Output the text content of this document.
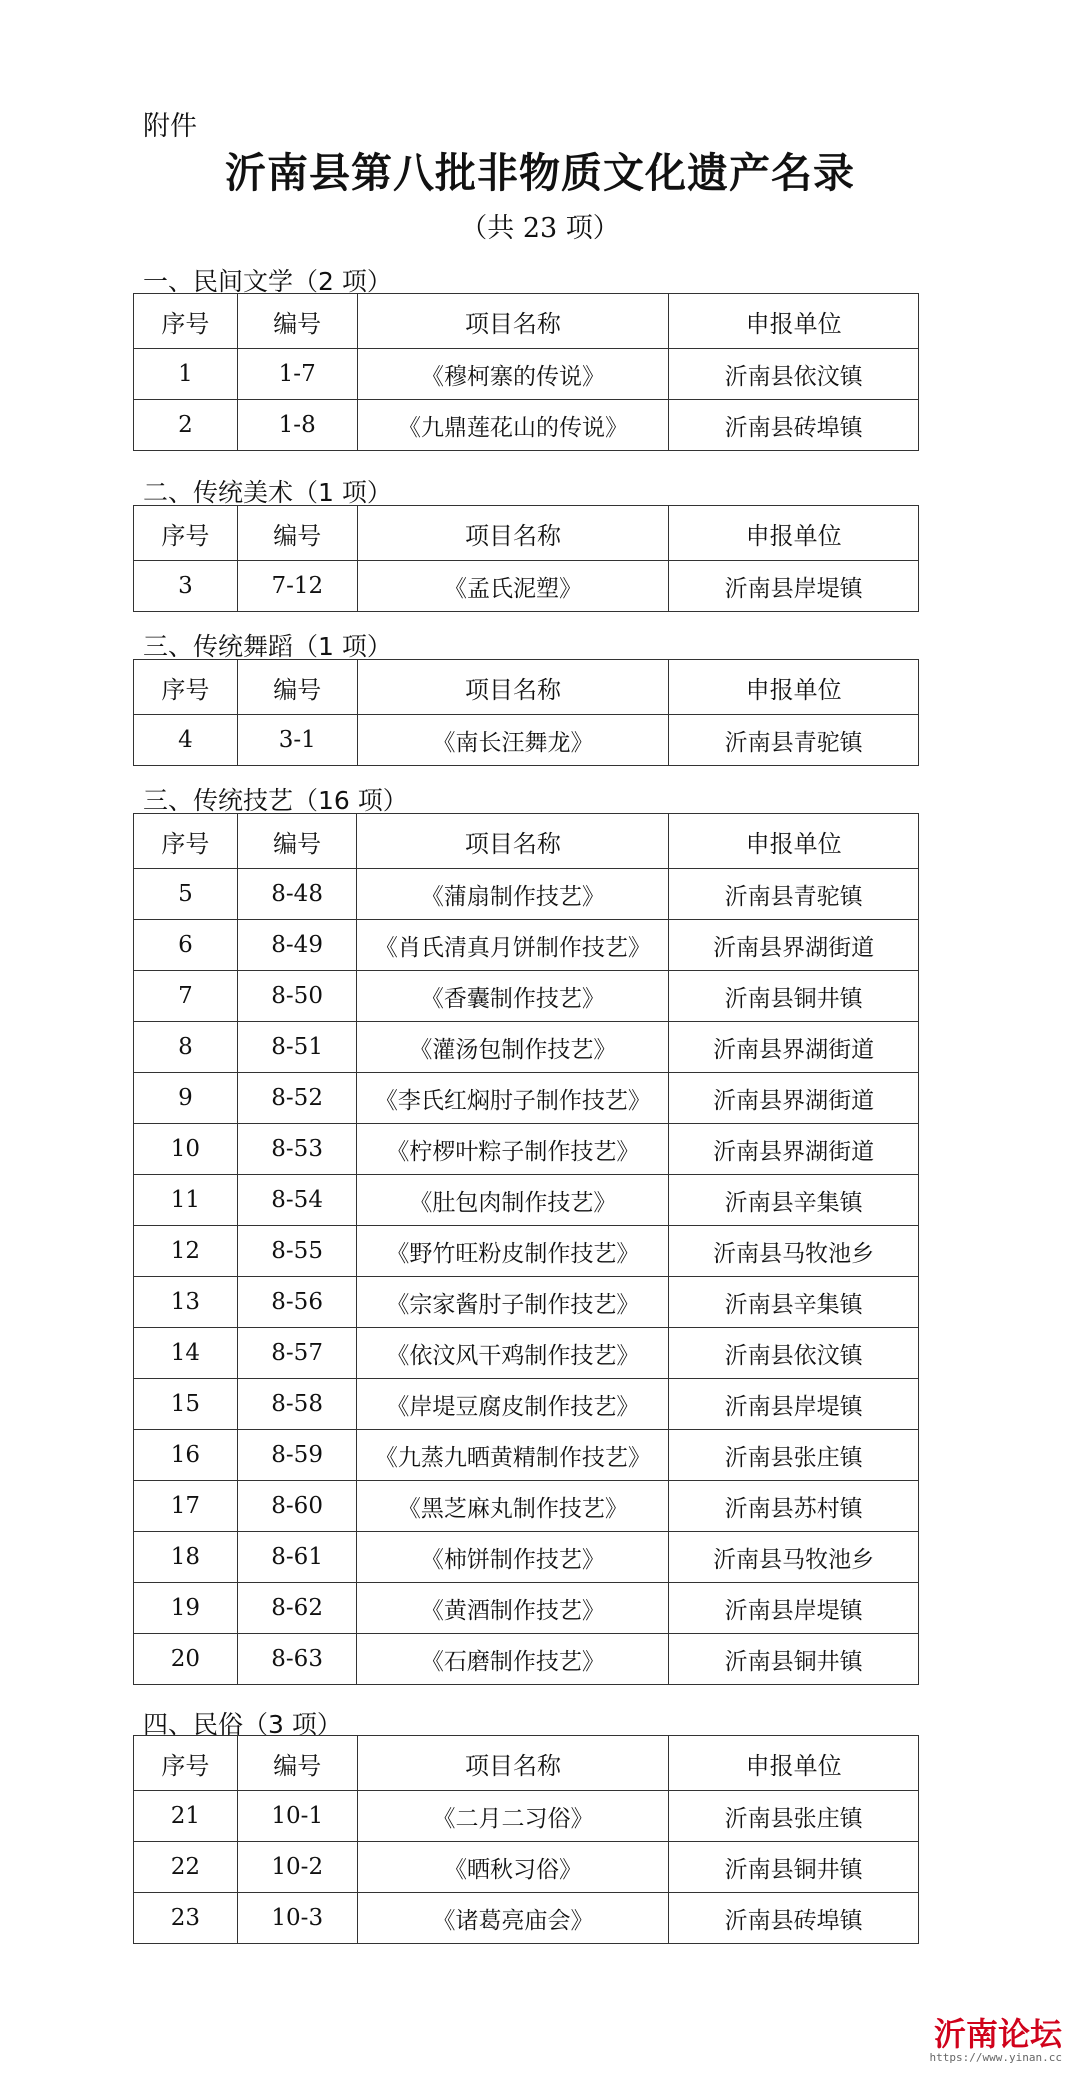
附件
沂南县第八批非物质文化遗产名录
（共 23 项）
一、民间文学（2 项）
序号	编号	项目名称	申报单位
1	1-7	《穆柯寨的传说》	沂南县依汶镇
2	1-8	《九鼎莲花山的传说》	沂南县砖埠镇
二、传统美术（1 项）
序号	编号	项目名称	申报单位
3	7-12	《孟氏泥塑》	沂南县岸堤镇
三、传统舞蹈（1 项）
序号	编号	项目名称	申报单位
4	3-1	《南长汪舞龙》	沂南县青驼镇
三、传统技艺（16 项）
序号	编号	项目名称	申报单位
5	8-48	《蒲扇制作技艺》	沂南县青驼镇
6	8-49	《肖氏清真月饼制作技艺》	沂南县界湖街道
7	8-50	《香囊制作技艺》	沂南县铜井镇
8	8-51	《灌汤包制作技艺》	沂南县界湖街道
9	8-52	《李氏红焖肘子制作技艺》	沂南县界湖街道
10	8-53	《柠椤叶粽子制作技艺》	沂南县界湖街道
11	8-54	《肚包肉制作技艺》	沂南县辛集镇
12	8-55	《野竹旺粉皮制作技艺》	沂南县马牧池乡
13	8-56	《宗家酱肘子制作技艺》	沂南县辛集镇
14	8-57	《依汶风干鸡制作技艺》	沂南县依汶镇
15	8-58	《岸堤豆腐皮制作技艺》	沂南县岸堤镇
16	8-59	《九蒸九晒黄精制作技艺》	沂南县张庄镇
17	8-60	《黑芝麻丸制作技艺》	沂南县苏村镇
18	8-61	《柿饼制作技艺》	沂南县马牧池乡
19	8-62	《黄酒制作技艺》	沂南县岸堤镇
20	8-63	《石磨制作技艺》	沂南县铜井镇
四、民俗（3 项）
序号	编号	项目名称	申报单位
21	10-1	《二月二习俗》	沂南县张庄镇
22	10-2	《晒秋习俗》	沂南县铜井镇
23	10-3	《诸葛亮庙会》	沂南县砖埠镇
沂南论坛
https://www.yinan.cc
